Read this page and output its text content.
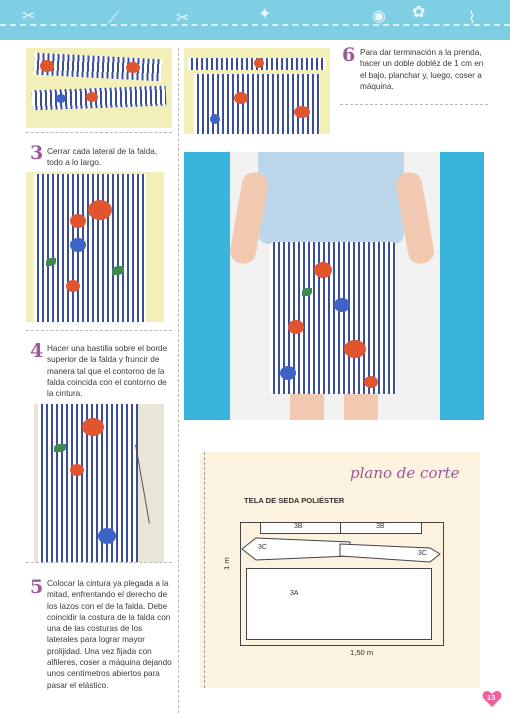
✂	⟋	✂	✦	◉ ✿	⌇
3 Cerrar cada lateral de la falda, todo a lo largo.
4 Hacer una bastilla sobre el borde superior de la falda y fruncir de manera tal que el contorno de la falda coincida con el contorno de la cintura.
5 Colocar la cintura ya plegada a la mitad, enfrentando el derecho de los lazos con el de la falda. Debe coincidir la costura de la falda con una de las costuras de los laterales para lograr mayor prolijidad. Una vez fijada con alfileres, coser a máquina dejando unos centímetros abiertos para pasar el elástico.
6 Para dar terminación a la prenda, hacer un doble dobléz de 1 cm en el bajo, planchar y, luego, coser a máquina.
plano de corte
TELA DE SEDA POLIÉSTER
3B	3B
3C
3C
3A
1 m
1,50 m
13
